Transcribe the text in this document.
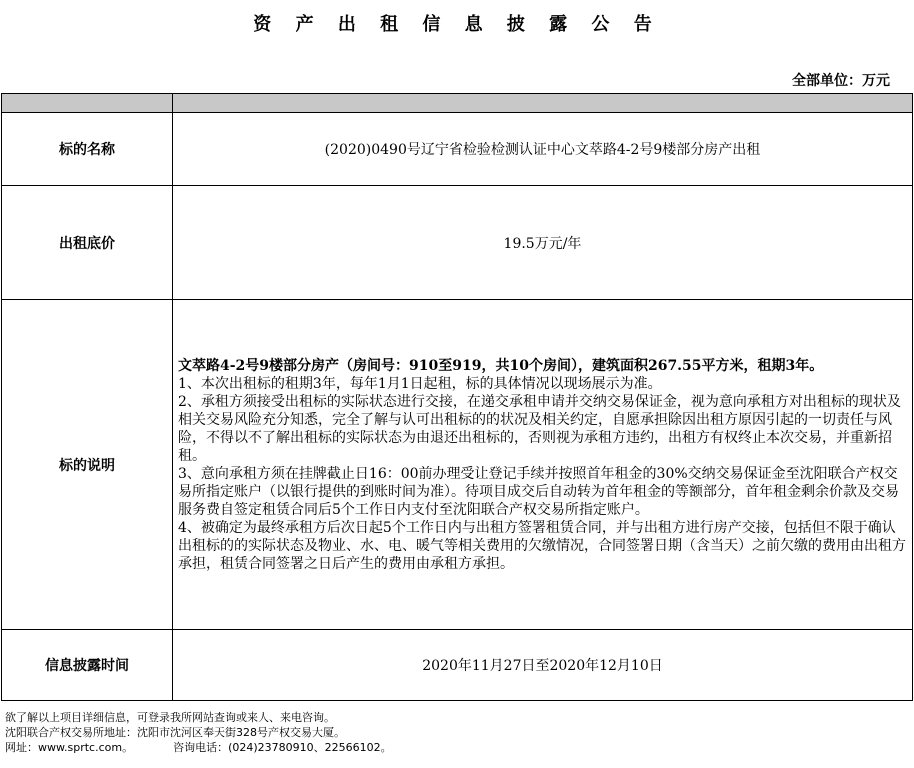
资 产 出 租 信 息 披 露 公 告
全部单位：万元

标的名称	(2020)0490号辽宁省检验检测认证中心文萃路4-2号9楼部分房产出租
出租底价	19.5万元/年
标的说明	文萃路4-2号9楼部分房产（房间号：910至919，共10个房间），建筑面积267.55平方米，租期3年。

1、本次出租标的租期3年，每年1月1日起租，标的具体情况以现场展示为准。

2、承租方须接受出租标的实际状态进行交接，在递交承租申请并交纳交易保证金，视为意向承租方对出租标的现状及相关交易风险充分知悉，完全了解与认可出租标的的状况及相关约定，自愿承担除因出租方原因引起的一切责任与风险，不得以不了解出租标的实际状态为由退还出租标的，否则视为承租方违约，出租方有权终止本次交易，并重新招租。

3、意向承租方须在挂牌截止日16：00前办理受让登记手续并按照首年租金的30%交纳交易保证金至沈阳联合产权交易所指定账户（以银行提供的到账时间为准）。待项目成交后自动转为首年租金的等额部分，首年租金剩余价款及交易服务费自签定租赁合同后5个工作日内支付至沈阳联合产权交易所指定账户。

4、被确定为最终承租方后次日起5个工作日内与出租方签署租赁合同，并与出租方进行房产交接，包括但不限于确认出租标的的实际状态及物业、水、电、暖气等相关费用的欠缴情况，合同签署日期（含当天）之前欠缴的费用由出租方承担，租赁合同签署之日后产生的费用由承租方承担。

信息披露时间	2020年11月27日至2020年12月10日
欲了解以上项目详细信息，可登录我所网站查询或来人、来电咨询。
沈阳联合产权交易所地址：沈阳市沈河区奉天街328号产权交易大厦。
网址：www.sprtc.com。	咨询电话：(024)23780910、22566102。
